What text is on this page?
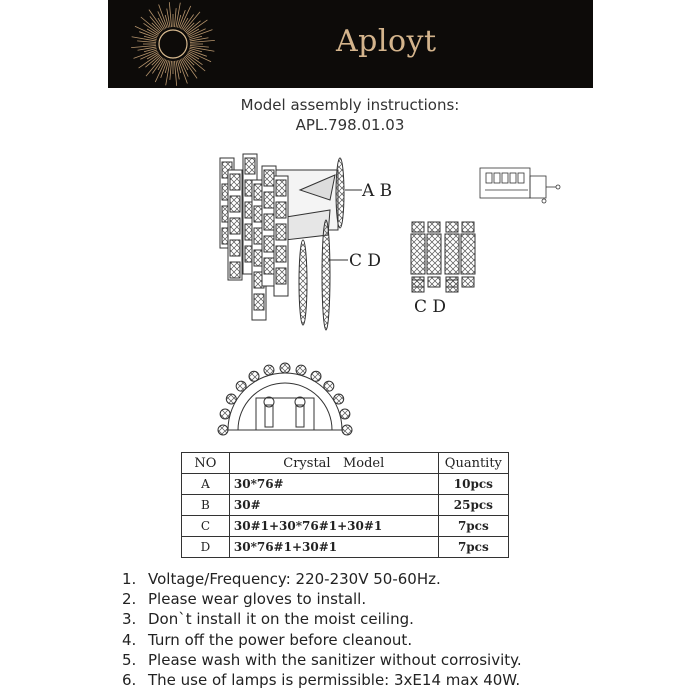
Aployt
Model assembly instructions:
APL.798.01.03
A B
C D
C D
NO	Crystal   Model	Quantity
A	30*76#	10pcs
B	30#	25pcs
C	30#1+30*76#1+30#1	7pcs
D	30*76#1+30#1	7pcs
1. Voltage/Frequency: 220-230V 50-60Hz.
2. Please wear gloves to install.
3. Don`t install it on the moist ceiling.
4. Turn off the power before cleanout.
5. Please wash with the sanitizer without corrosivity.
6. The use of lamps is permissible: 3xE14 max 40W.
